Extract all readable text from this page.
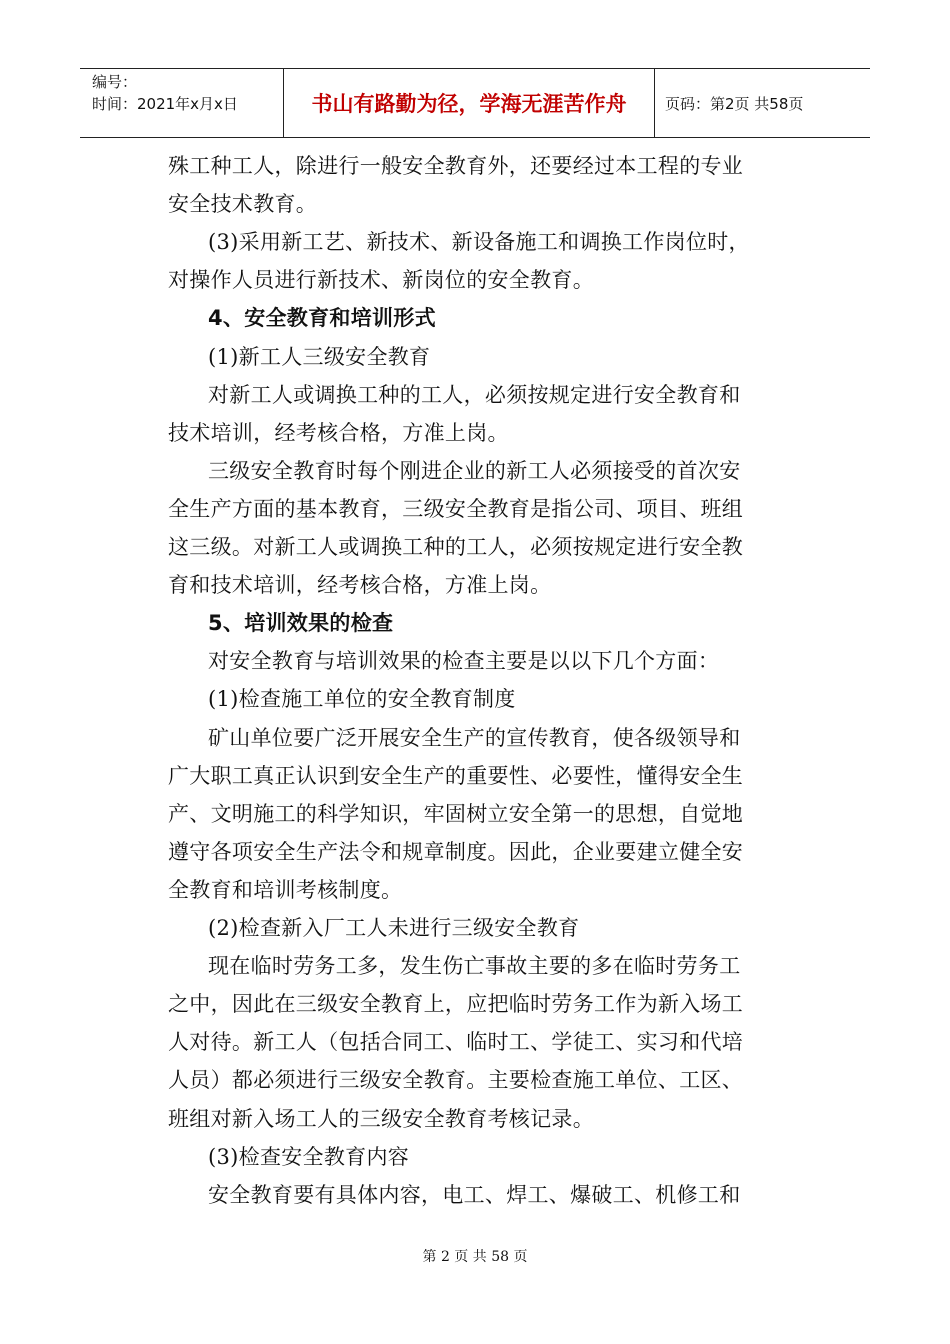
编号：
时间：2021年x月x日	书山有路勤为径，学海无涯苦作舟	页码：第2页 共58页
殊工种工人，除进行一般安全教育外，还要经过本工程的专业
安全技术教育。
(3)采用新工艺、新技术、新设备施工和调换工作岗位时，
对操作人员进行新技术、新岗位的安全教育。
4、安全教育和培训形式
(1)新工人三级安全教育
对新工人或调换工种的工人，必须按规定进行安全教育和
技术培训，经考核合格，方准上岗。
三级安全教育时每个刚进企业的新工人必须接受的首次安
全生产方面的基本教育，三级安全教育是指公司、项目、班组
这三级。对新工人或调换工种的工人，必须按规定进行安全教
育和技术培训，经考核合格，方准上岗。
5、培训效果的检查
对安全教育与培训效果的检查主要是以以下几个方面：
(1)检查施工单位的安全教育制度
矿山单位要广泛开展安全生产的宣传教育，使各级领导和
广大职工真正认识到安全生产的重要性、必要性，懂得安全生
产、文明施工的科学知识，牢固树立安全第一的思想，自觉地
遵守各项安全生产法令和规章制度。因此，企业要建立健全安
全教育和培训考核制度。
(2)检查新入厂工人未进行三级安全教育
现在临时劳务工多，发生伤亡事故主要的多在临时劳务工
之中，因此在三级安全教育上，应把临时劳务工作为新入场工
人对待。新工人（包括合同工、临时工、学徒工、实习和代培
人员）都必须进行三级安全教育。主要检查施工单位、工区、
班组对新入场工人的三级安全教育考核记录。
(3)检查安全教育内容
安全教育要有具体内容，电工、焊工、爆破工、机修工和
第 2 页 共 58 页
